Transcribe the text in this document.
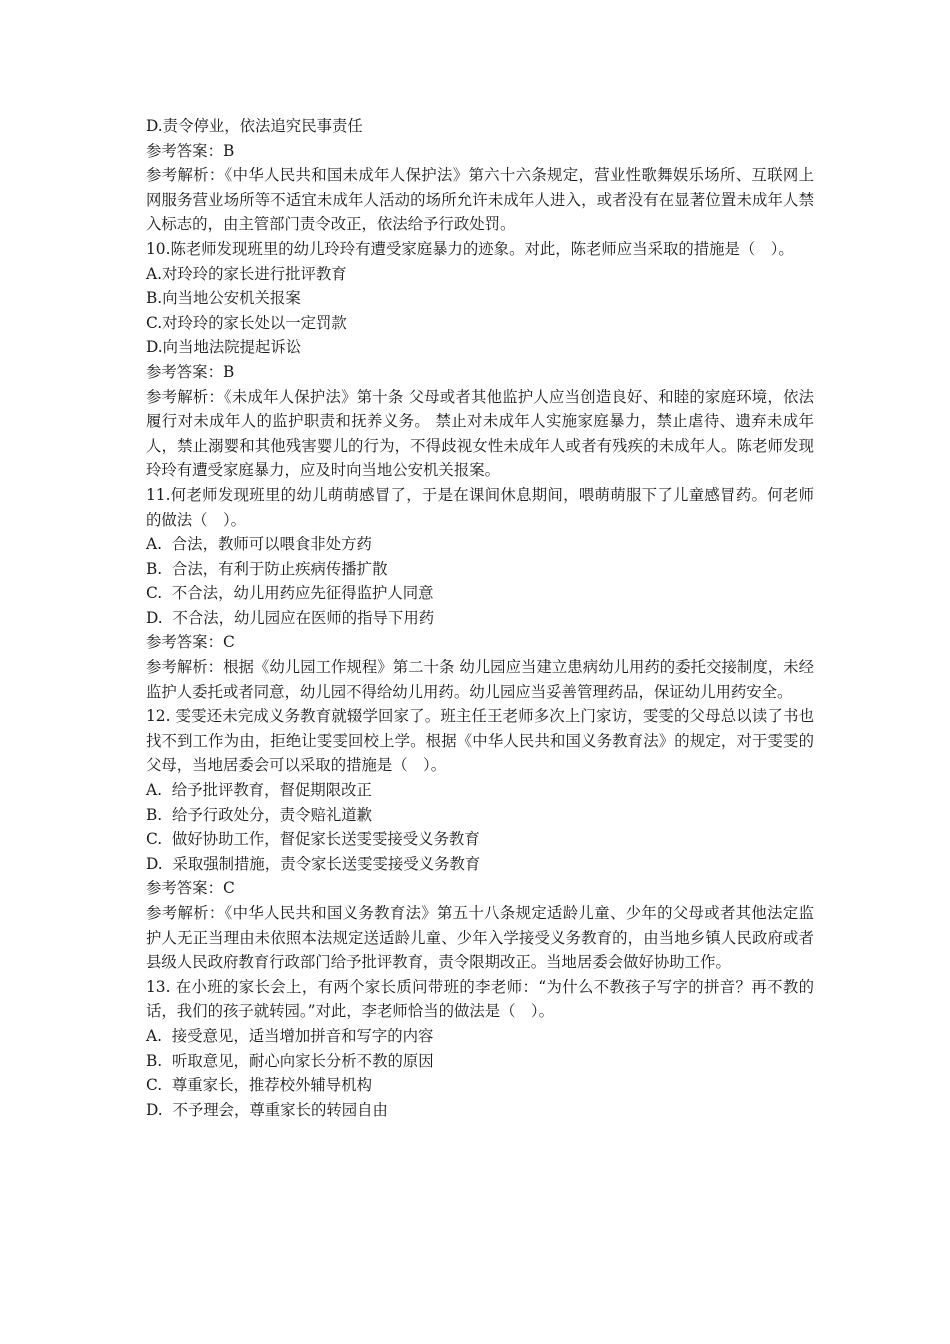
D.责令停业，依法追究民事责任
参考答案：B
参考解析：《中华人民共和国未成年人保护法》第六十六条规定，营业性歌舞娱乐场所、互联网上网服务营业场所等不适宜未成年人活动的场所允许未成年人进入，或者没有在显著位置未成年人禁入标志的，由主管部门责令改正，依法给予行政处罚。
10.陈老师发现班里的幼儿玲玲有遭受家庭暴力的迹象。对此，陈老师应当采取的措施是（　）。
A.对玲玲的家长进行批评教育
B.向当地公安机关报案
C.对玲玲的家长处以一定罚款
D.向当地法院提起诉讼
参考答案：B
参考解析：《未成年人保护法》第十条 父母或者其他监护人应当创造良好、和睦的家庭环境，依法履行对未成年人的监护职责和抚养义务。 禁止对未成年人实施家庭暴力，禁止虐待、遗弃未成年人，禁止溺婴和其他残害婴儿的行为，不得歧视女性未成年人或者有残疾的未成年人。陈老师发现玲玲有遭受家庭暴力，应及时向当地公安机关报案。
11.何老师发现班里的幼儿萌萌感冒了，于是在课间休息期间，喂萌萌服下了儿童感冒药。何老师的做法（　）。
A.  合法，教师可以喂食非处方药
B.  合法，有利于防止疾病传播扩散
C.  不合法，幼儿用药应先征得监护人同意
D.  不合法，幼儿园应在医师的指导下用药
参考答案：C
参考解析：根据《幼儿园工作规程》第二十条 幼儿园应当建立患病幼儿用药的委托交接制度，未经监护人委托或者同意，幼儿园不得给幼儿用药。幼儿园应当妥善管理药品，保证幼儿用药安全。
12. 雯雯还未完成义务教育就辍学回家了。班主任王老师多次上门家访，雯雯的父母总以读了书也找不到工作为由，拒绝让雯雯回校上学。根据《中华人民共和国义务教育法》的规定，对于雯雯的父母，当地居委会可以采取的措施是（　）。
A.  给予批评教育，督促期限改正
B.  给予行政处分，责令赔礼道歉
C.  做好协助工作，督促家长送雯雯接受义务教育
D.  采取强制措施，责令家长送雯雯接受义务教育
参考答案：C
参考解析：《中华人民共和国义务教育法》第五十八条规定适龄儿童、少年的父母或者其他法定监护人无正当理由未依照本法规定送适龄儿童、少年入学接受义务教育的，由当地乡镇人民政府或者县级人民政府教育行政部门给予批评教育，责令限期改正。当地居委会做好协助工作。
13. 在小班的家长会上，有两个家长质问带班的李老师：“为什么不教孩子写字的拼音？再不教的话，我们的孩子就转园。”对此，李老师恰当的做法是（　）。
A.  接受意见，适当增加拼音和写字的内容
B.  听取意见，耐心向家长分析不教的原因
C.  尊重家长，推荐校外辅导机构
D.  不予理会，尊重家长的转园自由
